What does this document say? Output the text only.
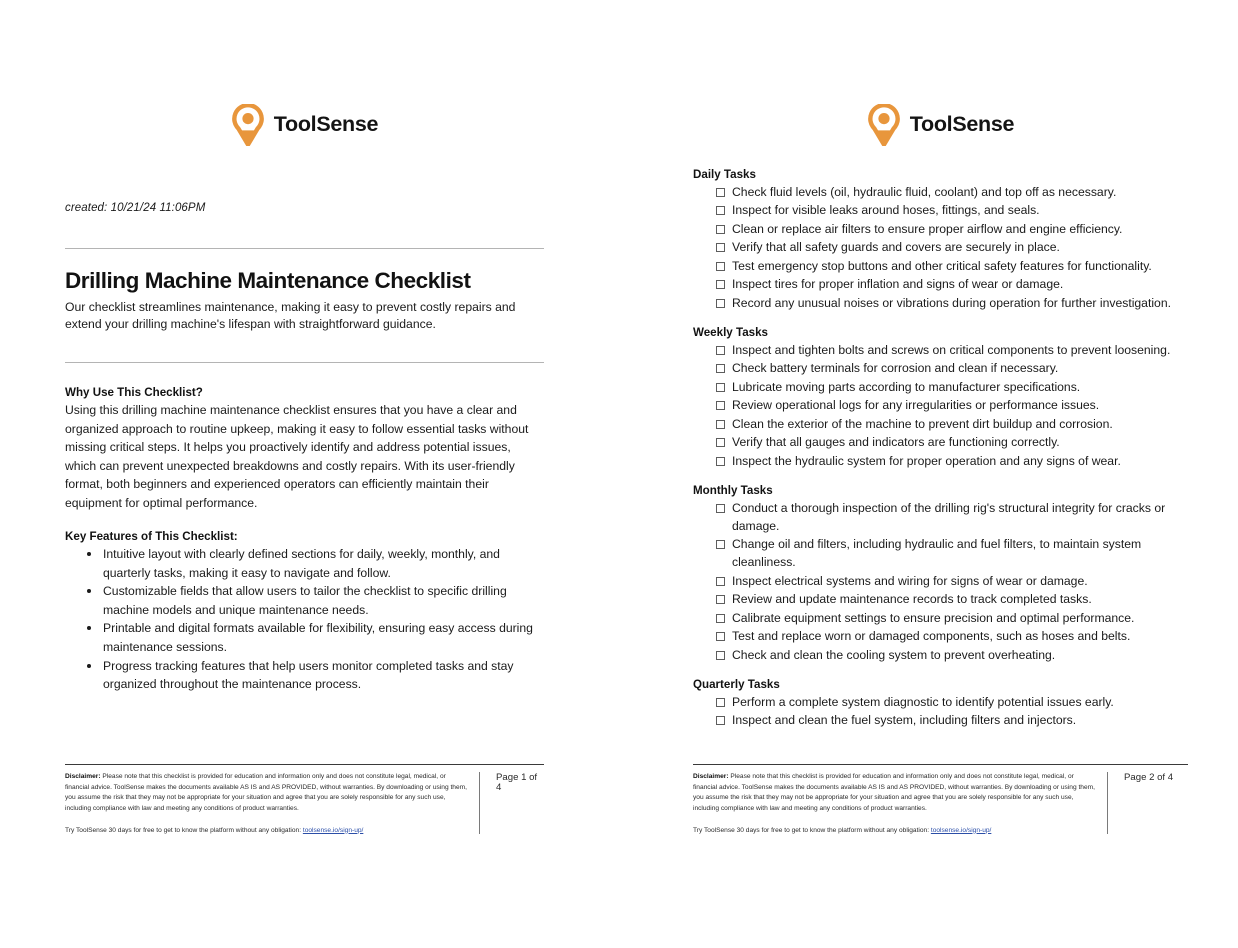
ToolSense
created: 10/21/24 11:06PM
Drilling Machine Maintenance Checklist

Our checklist streamlines maintenance, making it easy to prevent costly repairs and extend your drilling machine's lifespan with straightforward guidance.

Why Use This Checklist?

Using this drilling machine maintenance checklist ensures that you have a clear and organized approach to routine upkeep, making it easy to follow essential tasks without missing critical steps. It helps you proactively identify and address potential issues, which can prevent unexpected breakdowns and costly repairs. With its user-friendly format, both beginners and experienced operators can efficiently maintain their equipment for optimal performance.

Key Features of This Checklist:
Intuitive layout with clearly defined sections for daily, weekly, monthly, and quarterly tasks, making it easy to navigate and follow.
Customizable fields that allow users to tailor the checklist to specific drilling machine models and unique maintenance needs.
Printable and digital formats available for flexibility, ensuring easy access during maintenance sessions.
Progress tracking features that help users monitor completed tasks and stay organized throughout the maintenance process.

Disclaimer: Please note that this checklist is provided for education and information only and does not constitute legal, medical, or financial advice. ToolSense makes the documents available AS IS and AS PROVIDED, without warranties. By downloading or using them, you assume the risk that they may not be appropriate for your situation and agree that you are solely responsible for any such use, including compliance with law and meeting any conditions of product warranties.

Try ToolSense 30 days for free to get to know the platform without any obligation: toolsense.io/sign-up/

Page 1 of 4

ToolSense
Daily Tasks
Check fluid levels (oil, hydraulic fluid, coolant) and top off as necessary.
Inspect for visible leaks around hoses, fittings, and seals.
Clean or replace air filters to ensure proper airflow and engine efficiency.
Verify that all safety guards and covers are securely in place.
Test emergency stop buttons and other critical safety features for functionality.
Inspect tires for proper inflation and signs of wear or damage.
Record any unusual noises or vibrations during operation for further investigation.
Weekly Tasks
Inspect and tighten bolts and screws on critical components to prevent loosening.
Check battery terminals for corrosion and clean if necessary.
Lubricate moving parts according to manufacturer specifications.
Review operational logs for any irregularities or performance issues.
Clean the exterior of the machine to prevent dirt buildup and corrosion.
Verify that all gauges and indicators are functioning correctly.
Inspect the hydraulic system for proper operation and any signs of wear.
Monthly Tasks
Conduct a thorough inspection of the drilling rig's structural integrity for cracks or damage.
Change oil and filters, including hydraulic and fuel filters, to maintain system cleanliness.
Inspect electrical systems and wiring for signs of wear or damage.
Review and update maintenance records to track completed tasks.
Calibrate equipment settings to ensure precision and optimal performance.
Test and replace worn or damaged components, such as hoses and belts.
Check and clean the cooling system to prevent overheating.
Quarterly Tasks
Perform a complete system diagnostic to identify potential issues early.
Inspect and clean the fuel system, including filters and injectors.

Disclaimer: Please note that this checklist is provided for education and information only and does not constitute legal, medical, or financial advice. ToolSense makes the documents available AS IS and AS PROVIDED, without warranties. By downloading or using them, you assume the risk that they may not be appropriate for your situation and agree that you are solely responsible for any such use, including compliance with law and meeting any conditions of product warranties.

Try ToolSense 30 days for free to get to know the platform without any obligation: toolsense.io/sign-up/

Page 2 of 4
